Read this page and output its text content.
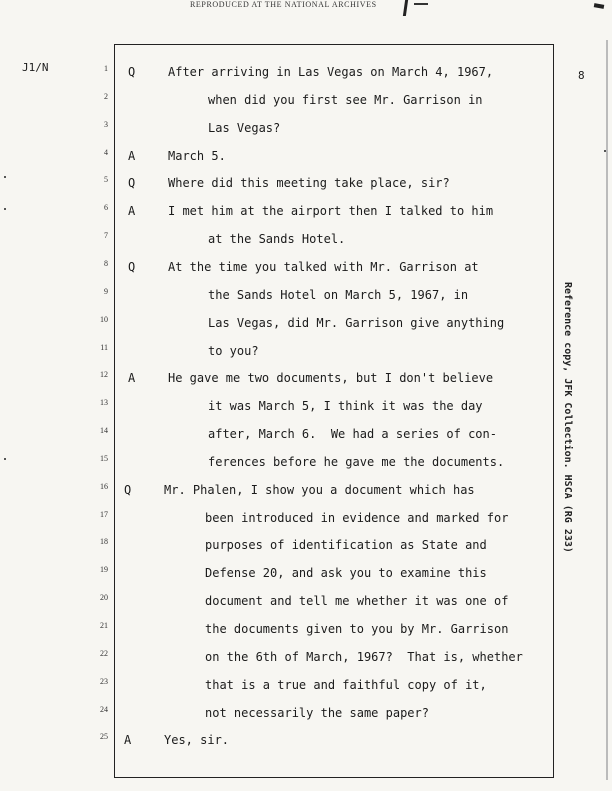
REPRODUCED AT THE NATIONAL ARCHIVES
J1/N
8
1 Q	After arriving in Las Vegas on March 4, 1967,
2	when did you first see Mr. Garrison in
3	Las Vegas?
4 A	March 5.
5 Q	Where did this meeting take place, sir?
6 A	I met him at the airport then I talked to him
7	at the Sands Hotel.
8 Q	At the time you talked with Mr. Garrison at
9	the Sands Hotel on March 5, 1967, in
10	Las Vegas, did Mr. Garrison give anything
11	to you?
12 A	He gave me two documents, but I don't believe
13	it was March 5, I think it was the day
14	after, March 6.  We had a series of con-
15	ferences before he gave me the documents.
16 Q	Mr. Phalen, I show you a document which has
17	been introduced in evidence and marked for
18	purposes of identification as State and
19	Defense 20, and ask you to examine this
20	document and tell me whether it was one of
21	the documents given to you by Mr. Garrison
22	on the 6th of March, 1967?  That is, whether
23	that is a true and faithful copy of it,
24	not necessarily the same paper?
25 A	Yes, sir.
Reference copy, JFK Collection. HSCA (RG 233)
